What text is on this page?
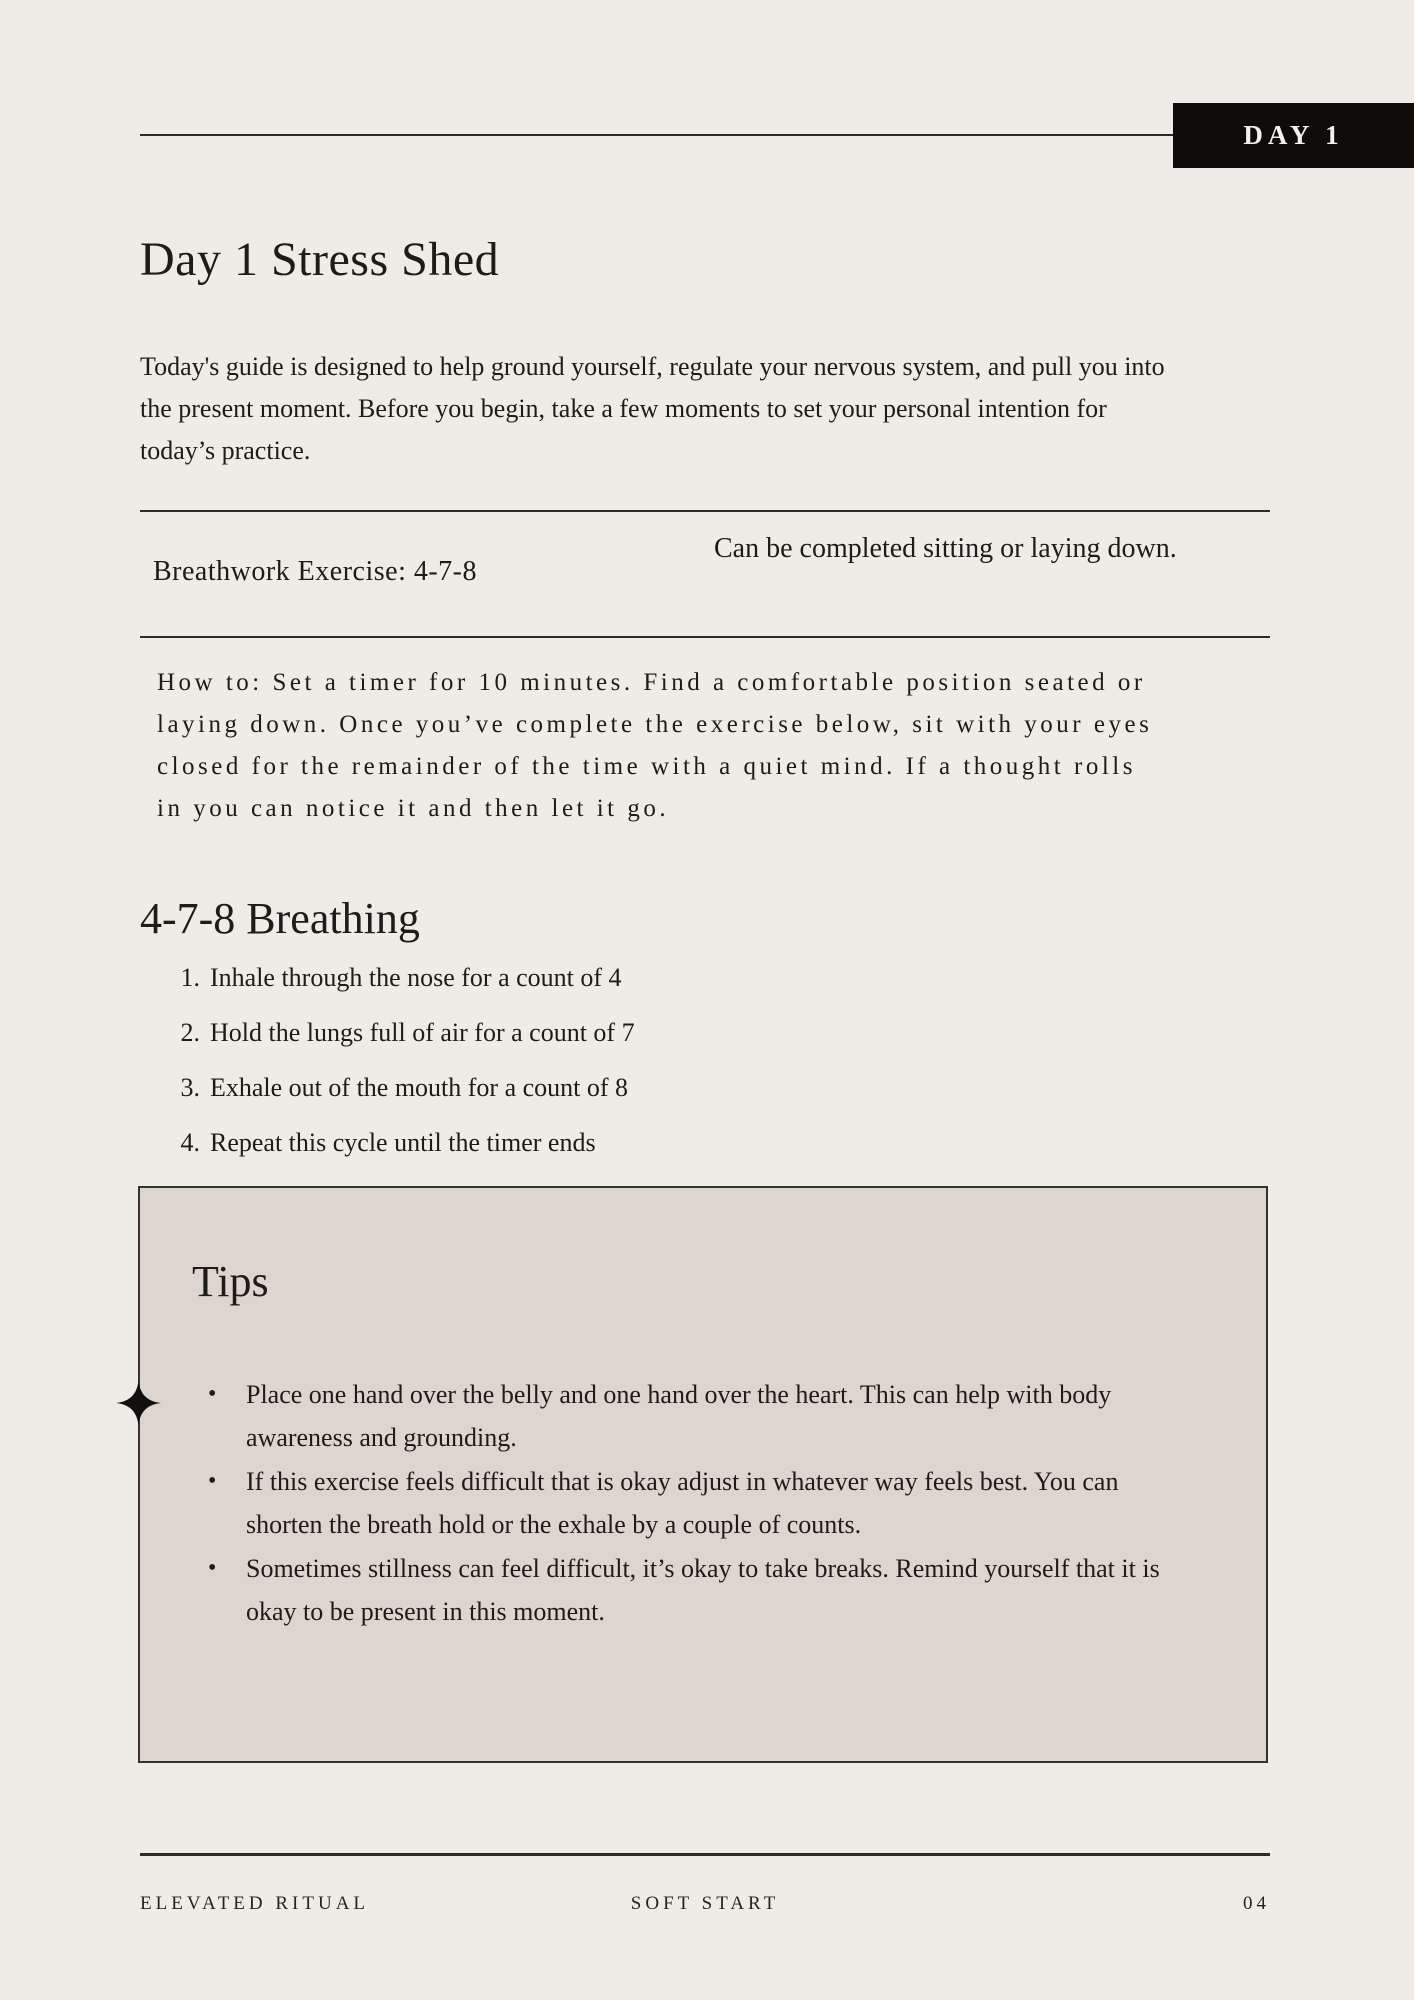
DAY 1
Day 1 Stress Shed

Today's guide is designed to help ground yourself, regulate your nervous system, and pull you into the present moment. Before you begin, take a few moments to set your personal intention for today’s practice.

Breathwork Exercise: 4-7-8
Can be completed sitting or laying down.

How to: Set a timer for 10 minutes. Find a comfortable position seated or laying down. Once you’ve complete the exercise below, sit with your eyes closed for the remainder of the time with a quiet mind. If a thought rolls in you can notice it and then let it go.

4-7-8 Breathing
1. Inhale through the nose for a count of 4
2. Hold the lungs full of air for a count of 7
3. Exhale out of the mouth for a count of 8
4. Repeat this cycle until the timer ends
Tips
•	Place one hand over the belly and one hand over the heart. This can help with body awareness and grounding.
•	If this exercise feels difficult that is okay adjust in whatever way feels best. You can shorten the breath hold or the exhale by a couple of counts.
•	Sometimes stillness can feel difficult, it’s okay to take breaks. Remind yourself that it is okay to be present in this moment.
ELEVATED RITUAL	SOFT START	04
